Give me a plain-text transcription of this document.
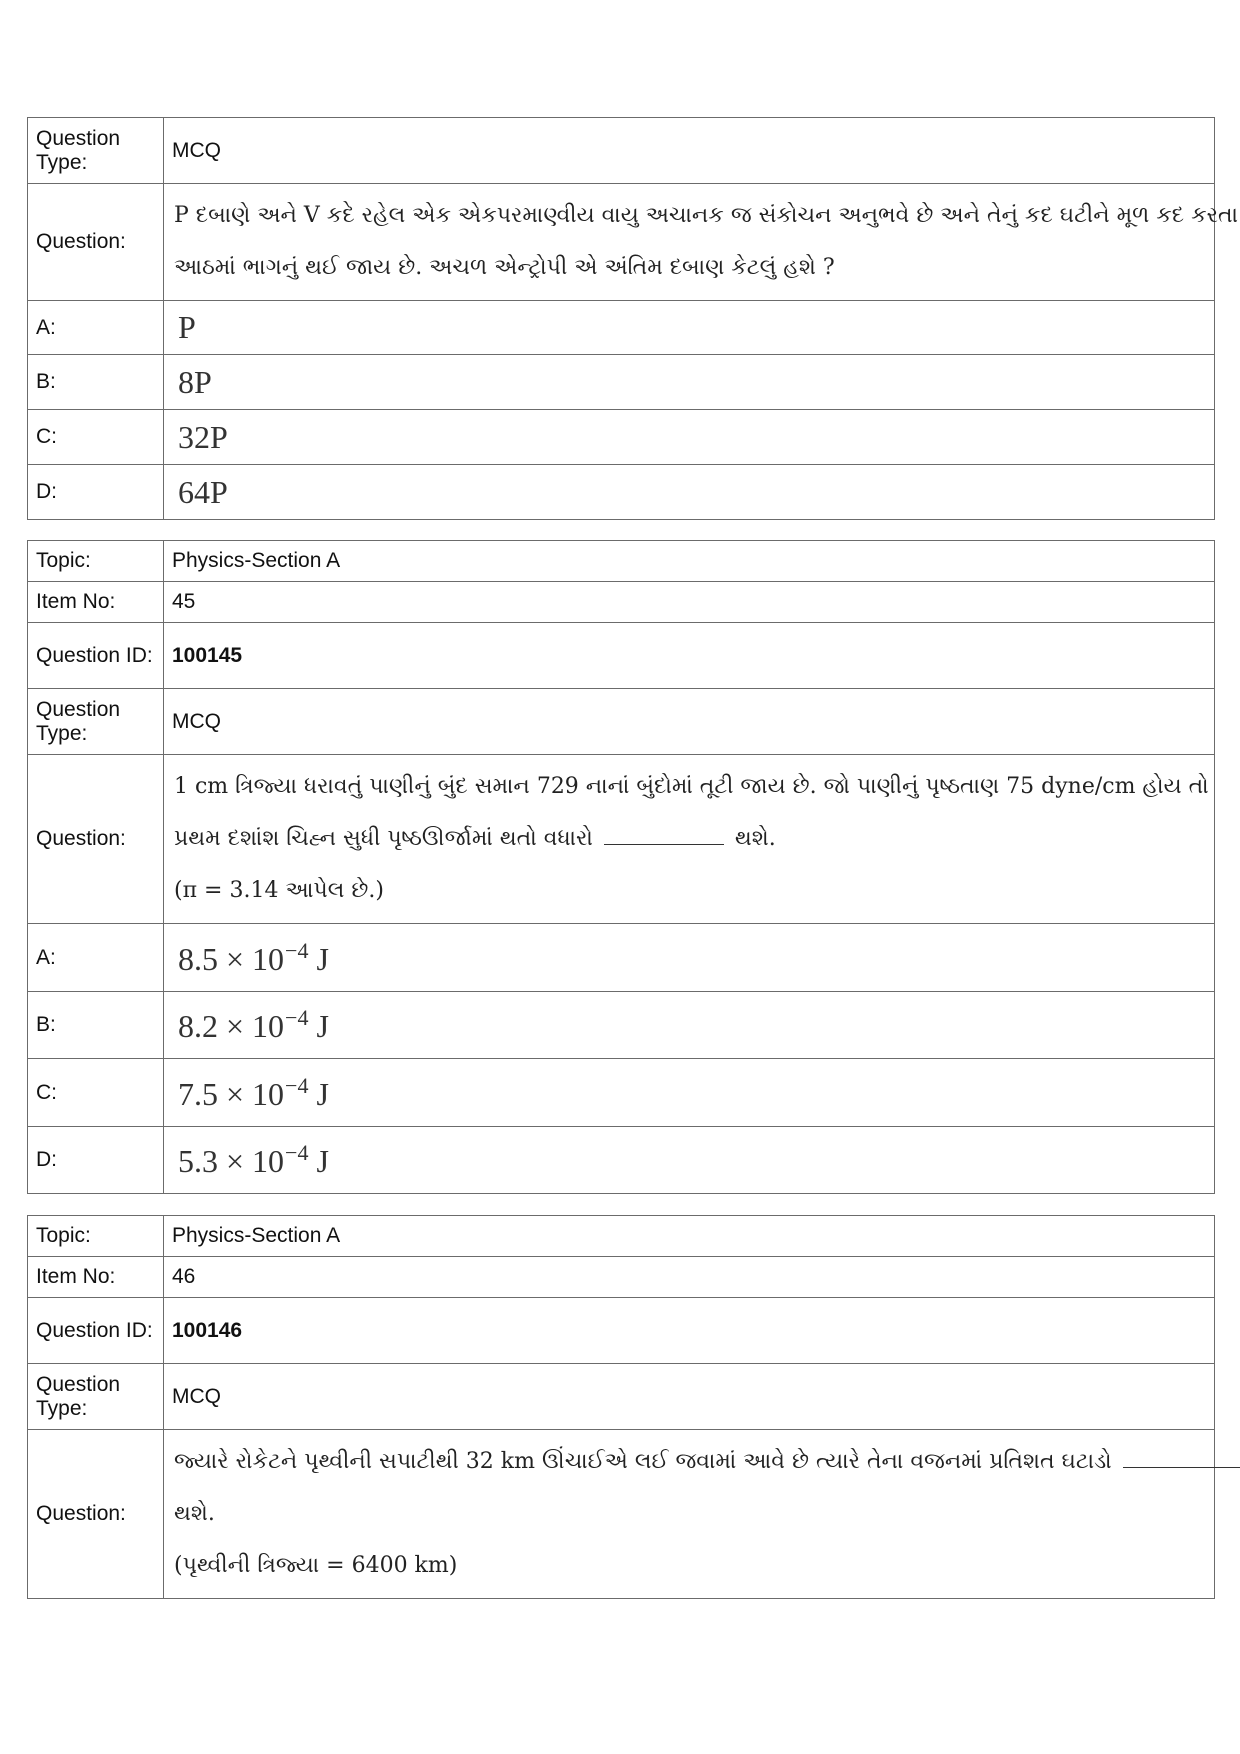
Question Type:	MCQ
Question:	P દબાણે અને V કદે રહેલ એક એકપરમાણ્વીય વાયુ અચાનક જ સંકોચન અનુભવે છે અને તેનું કદ ઘટીને મૂળ કદ કરતા
આઠમાં ભાગનું થઈ જાય છે. અચળ એન્ટ્રોપી એ અંતિમ દબાણ કેટલું હશે ?

A:	P
B:	8P
C:	32P
D:	64P
Topic:	Physics-Section A
Item No:	45
Question ID:	100145
Question Type:	MCQ
Question:	1 cm ત્રિજ્યા ધરાવતું પાણીનું બુંદ સમાન 729 નાનાં બુંદોમાં તૂટી જાય છે. જો પાણીનું પૃષ્ઠતાણ 75 dyne/cm હોય તો
પ્રથમ દશાંશ ચિહ્ન સુધી પૃષ્ઠઊર્જામાં થતો વધારો થશે.
(π = 3.14 આપેલ છે.)

A:	$8.5 \times 10^{-4}$ J
B:	$8.2 \times 10^{-4}$ J
C:	$7.5 \times 10^{-4}$ J
D:	$5.3 \times 10^{-4}$ J
Topic:	Physics-Section A
Item No:	46
Question ID:	100146
Question Type:	MCQ
Question:	જ્યારે રોકેટને પૃથ્વીની સપાટીથી 32 km ઊંચાઈએ લઈ જવામાં આવે છે ત્યારે તેના વજનમાં પ્રતિશત ઘટાડો
થશે.
(પૃથ્વીની ત્રિજ્યા = 6400 km)
